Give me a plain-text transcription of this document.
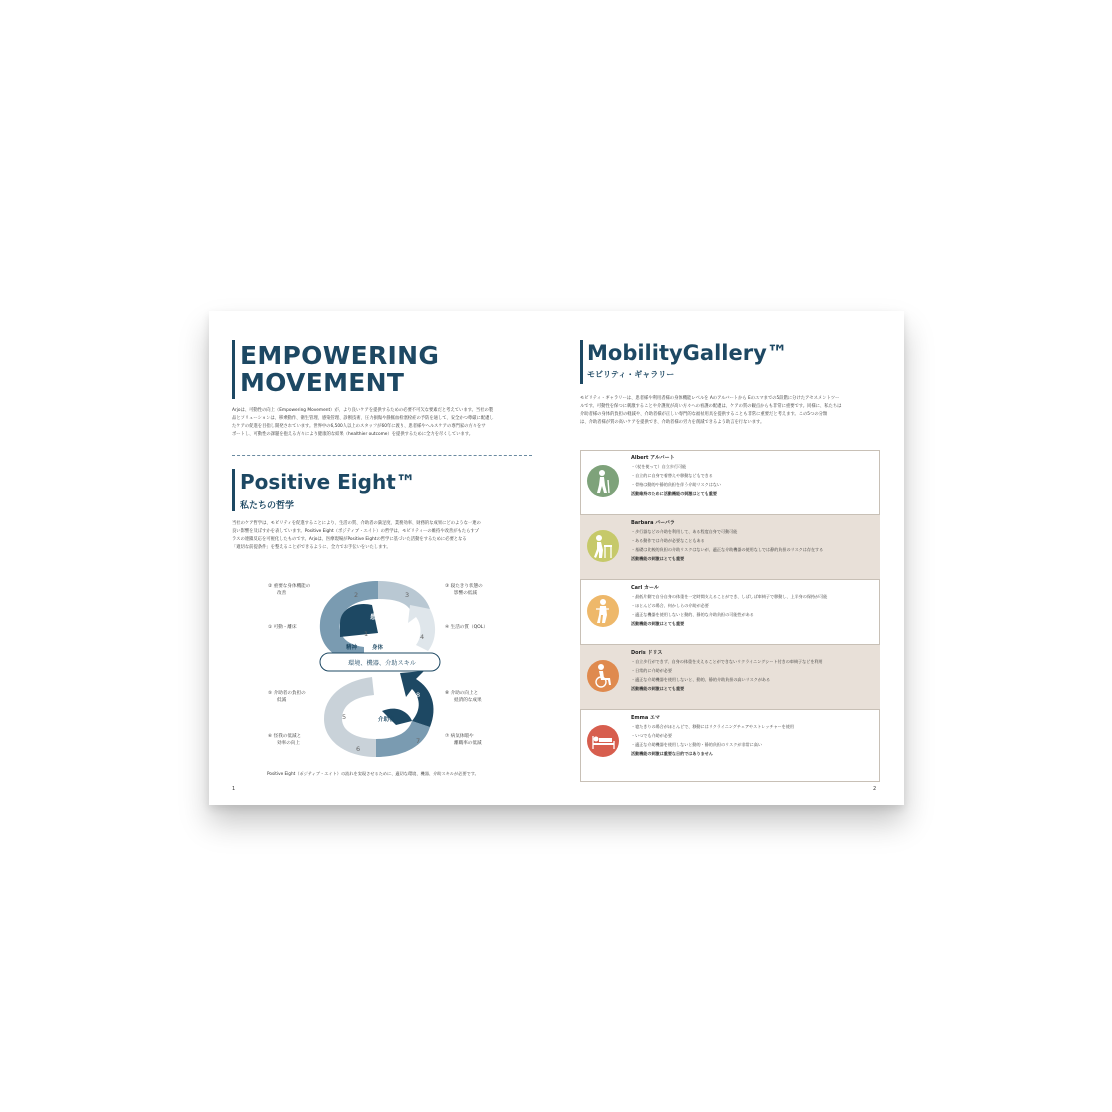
EMPOWERING
MOVEMENT
Arjoは、可動性の向上（Empowering Movement）が、より良いケアを提供するための必要不可欠な要素だと考えています。当社の製
品とソリューションは、移乗動作、衛生管理、感染管理、診断技術、圧力損傷や静脈血栓塞栓症の予防を通して、安全かつ尊厳に配慮し
たケアの促進を目指し開発されています。世界中の6,500人以上のスタッフが60年に渡り、患者様やヘルスケアの専門家の方々をサ
ポートし、可動性の課題を抱える方々により健康的な結果（healthier outcome）を提供するために全力を尽くしています。
Positive Eight™
私たちの哲学
当社のケア哲学は、モビリティを促進することにより、生活の質、介助者の満足度、業務効率、財務的な成果にどのような一連の
良い影響を及ぼすかを表しています。Positive Eight（ポジティブ・エイト）の哲学は、モビリティーの維持や改善がもたらすプ
ラスの連鎖反応を可視化したものです。Arjoは、医療現場がPositive Eightの哲学に基づいた活動をするために必要となる
「適切な前提条件」を整えることができるように、全力でお手伝いをいたします。
② 重要な身体機能の
改善
① 可動・離床
⑤ 介助者の負担の
低減
⑥ 怪我の低減と
効率の向上
③ 寝たきり状態の
影響の低減
④ 生活の質（QOL）
⑧ 介助の向上と
経済的な成果
⑦ 病気休暇や
離職率の低減
1
2	3
4
5
6
7
8
患者/入居者
精神	身体
環境、機器、介助スキル
介助者
Positive Eight（ポジティブ・エイト）の流れを実現させるために、適切な環境、機器、介助スキルが必要です。
1
MobilityGallery™
モビリティ・ギャラリー
モビリティ・ギャラリーは、患者様や利用者様の身体機能レベルを Aのアルバートから Eのエマまでの5段階に分けたアセスメントツー
ルです。可動性を保つに刺激することや介護度が高い方々への看護の配慮は、ケアの質の観点からも非常に重要です。同様に、私たちは
介助者様の身体的負担の軽減や、介助者様が正しい専門的な福祉用具を提供することも非常に重要だと考えます。この5つの分類
は、介助者様が質の高いケアを提供でき、介助者様の労力を削減できるよう助言を行ないます。
Albert アルバート
・（杖を使って）自立歩行可能
・自立的に自身で着替えや移動などもできる
・骨格は動的や静的負担を伴う介助リスクはない
活動維持のために活動機能の刺激はとても重要
Barbara バーバラ
・歩行器などの介助を利用して、ある程度自身で可動可能
・ある動作では介助が必要なこともある
・基礎は比較的負担の介助リスクはないが、適正な介助機器の使用なしでは静的負担のリスクは存在する
活動機能の刺激はとても重要
Carl カール
・最低片側で自分自身の体重を一定時間支えることができ、しばしば車椅子で移動し、上半身の保持が可能
・ほとんどの場合、何かしらの介助が必要
・適正な機器を使用しないと動的、静的な介助負担の可能性がある
活動機能の刺激はとても重要
Doris ドリス
・自立歩行ができず、自身の体重を支えることができないリクライニングシート付きの車椅子などを利用
・日常的に介助が必要
・適正な介助機器を使用しないと、動的、静的介助負担の高いリスクがある
活動機能の刺激はとても重要
Emma エマ
・寝たきりの場合がほとんどで、移動にはリクライニングチェアやストレッチャーを使用
・いつでも介助が必要
・適正な介助機器を使用しないと動的・静的負担のリスクが非常に高い
活動機能の刺激は重要な日的ではありません
2
